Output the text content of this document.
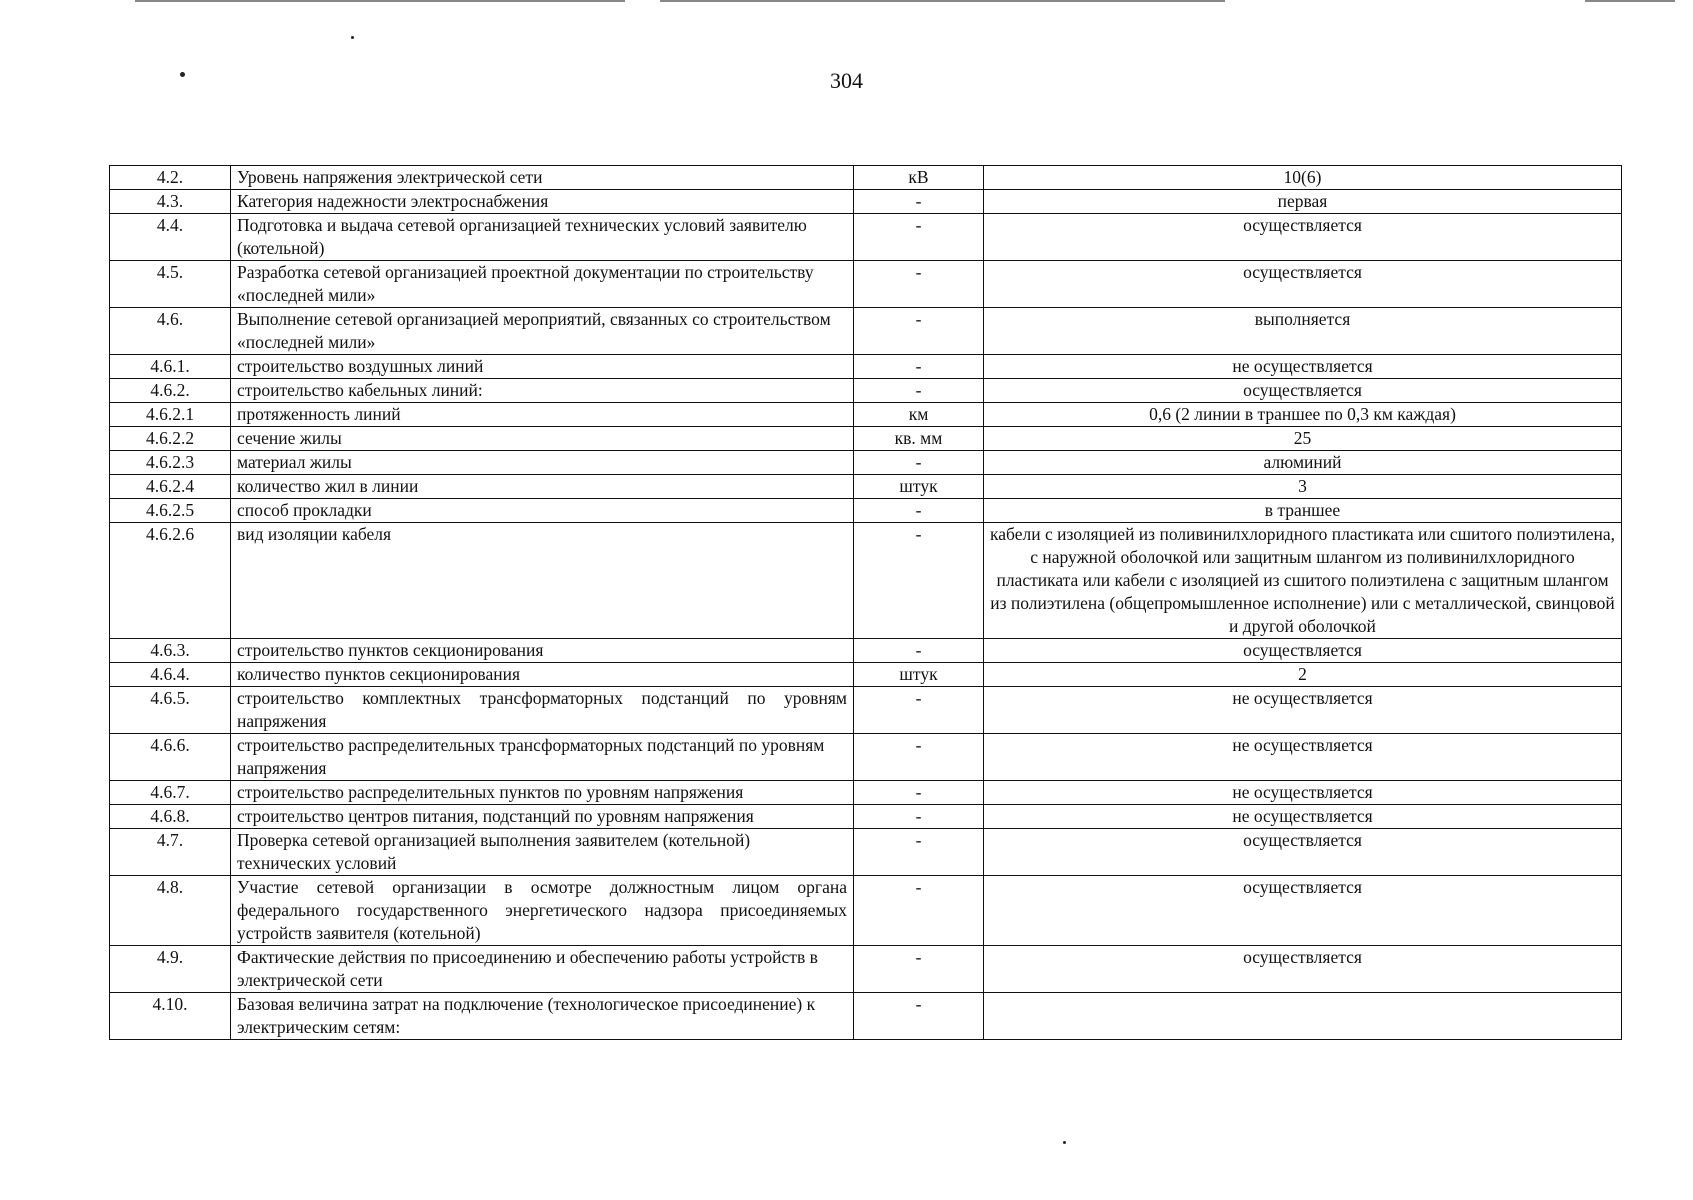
304
4.2.	Уровень напряжения электрической сети	кВ	10(6)
4.3.	Категория надежности электроснабжения	-	первая
4.4.	Подготовка и выдача сетевой организацией технических условий заявителю (котельной)	-	осуществляется
4.5.	Разработка сетевой организацией проектной документации по строительству «последней мили»	-	осуществляется
4.6.	Выполнение сетевой организацией мероприятий, связанных со строительством «последней мили»	-	выполняется
4.6.1.	строительство воздушных линий	-	не осуществляется
4.6.2.	строительство кабельных линий:	-	осуществляется
4.6.2.1	протяженность линий	км	0,6 (2 линии в траншее по 0,3 км каждая)
4.6.2.2	сечение жилы	кв. мм	25
4.6.2.3	материал жилы	-	алюминий
4.6.2.4	количество жил в линии	штук	3
4.6.2.5	способ прокладки	-	в траншее
4.6.2.6	вид изоляции кабеля	-	кабели с изоляцией из поливинилхлоридного пластиката или сшитого полиэтилена, с наружной оболочкой или защитным шлангом из поливинилхлоридного пластиката или кабели с изоляцией из сшитого полиэтилена с защитным шлангом из полиэтилена (общепромышленное исполнение) или с металлической, свинцовой и другой оболочкой
4.6.3.	строительство пунктов секционирования	-	осуществляется
4.6.4.	количество пунктов секционирования	штук	2
4.6.5.	строительство комплектных трансформаторных подстанций по уровням напряжения	-	не осуществляется
4.6.6.	строительство распределительных трансформаторных подстанций по уровням напряжения	-	не осуществляется
4.6.7.	строительство распределительных пунктов по уровням напряжения	-	не осуществляется
4.6.8.	строительство центров питания, подстанций по уровням напряжения	-	не осуществляется
4.7.	Проверка сетевой организацией выполнения заявителем (котельной) технических условий	-	осуществляется
4.8.	Участие сетевой организации в осмотре должностным лицом органа федерального государственного энергетического надзора присоединяемых устройств заявителя (котельной)	-	осуществляется
4.9.	Фактические действия по присоединению и обеспечению работы устройств в электрической сети	-	осуществляется
4.10.	Базовая величина затрат на подключение (технологическое присоединение) к электрическим сетям:	-	
